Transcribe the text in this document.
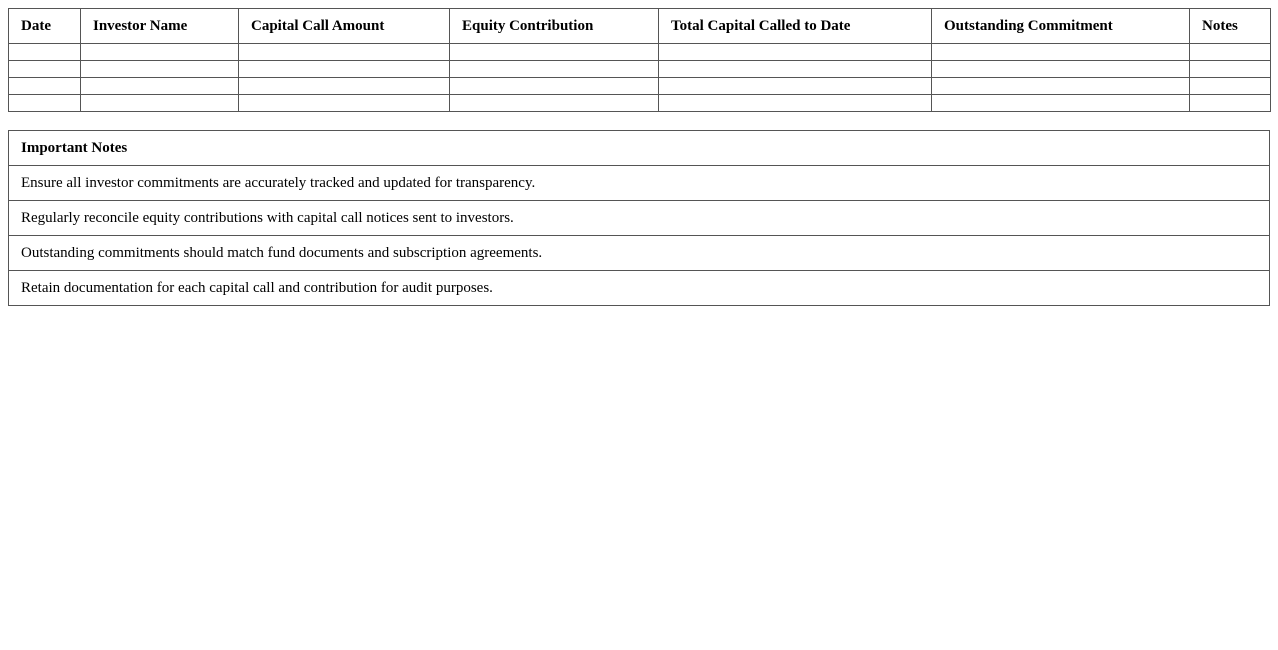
Date	Investor Name	Capital Call Amount	Equity Contribution	Total Capital Called to Date	Outstanding Commitment	Notes

Important Notes
Ensure all investor commitments are accurately tracked and updated for transparency.
Regularly reconcile equity contributions with capital call notices sent to investors.
Outstanding commitments should match fund documents and subscription agreements.
Retain documentation for each capital call and contribution for audit purposes.
